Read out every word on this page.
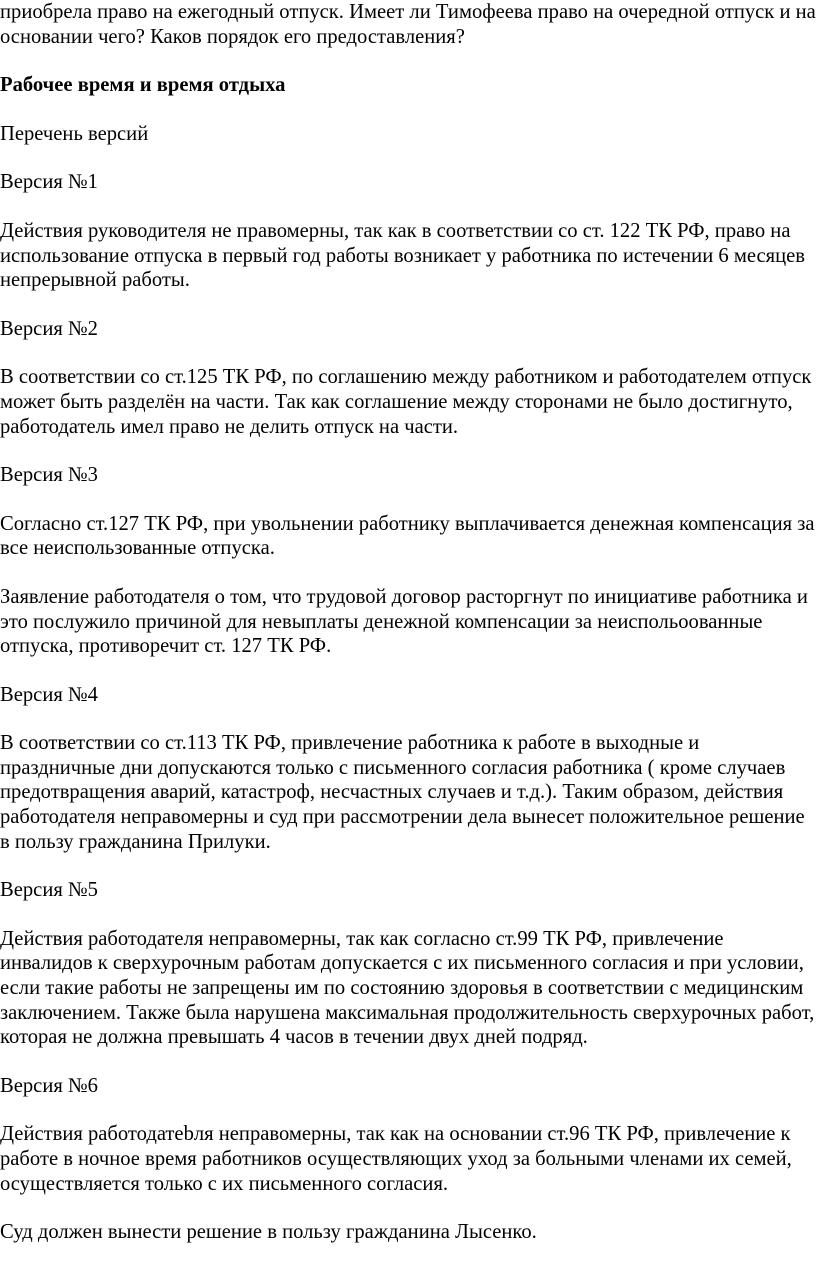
приобрела право на ежегодный отпуск. Имеет ли Тимофеева право на очередной отпуск и на основании чего? Каков порядок его предоставления?

Рабочее время и время отдыха

Перечень версий

Версия №1

Действия руководителя не правомерны, так как в соответствии со ст. 122 ТК РФ, право на использование отпуска в первый год работы возникает у работника по истечении 6 месяцев непрерывной работы.

Версия №2

В соответствии со ст.125 ТК РФ, по соглашению между работником и работодателем отпуск может быть разделён на части. Так как соглашение между сторонами не было достигнуто, работодатель имел право не делить отпуск на части.

Версия №3

Согласно ст.127 ТК РФ, при увольнении работнику выплачивается денежная компенсация за все неиспользованные отпуска.

Заявление работодателя о том, что трудовой договор расторгнут по инициативе работника и это послужило причиной для невыплаты денежной компенсации за неиспольоованные отпуска, противоречит ст. 127 ТК РФ.

Версия №4

В соответствии со ст.113 ТК РФ, привлечение работника к работе в выходные и праздничные дни допускаются только с письменного согласия работника ( кроме случаев предотвращения аварий, катастроф, несчастных случаев и т.д.). Таким образом, действия работодателя неправомерны и суд при рассмотрении дела вынесет положительное решение в пользу гражданина Прилуки.

Версия №5

Действия работодателя неправомерны, так как согласно ст.99 ТК РФ, привлечение инвалидов к сверхурочным работам допускается с их письменного согласия и при условии, если такие работы не запрещены им по состоянию здоровья в соответствии с медицинским заключением. Также была нарушена максимальная продолжительность сверхурочных работ, которая не должна превышать 4 часов в течении двух дней подряд.

Версия №6

Действия работодатеbля неправомерны, так как на основании ст.96 ТК РФ, привлечение к работе в ночное время работников осуществляющих уход за больными членами их семей, осуществляется только с их письменного согласия.

Суд должен вынести решение в пользу гражданина Лысенко.
